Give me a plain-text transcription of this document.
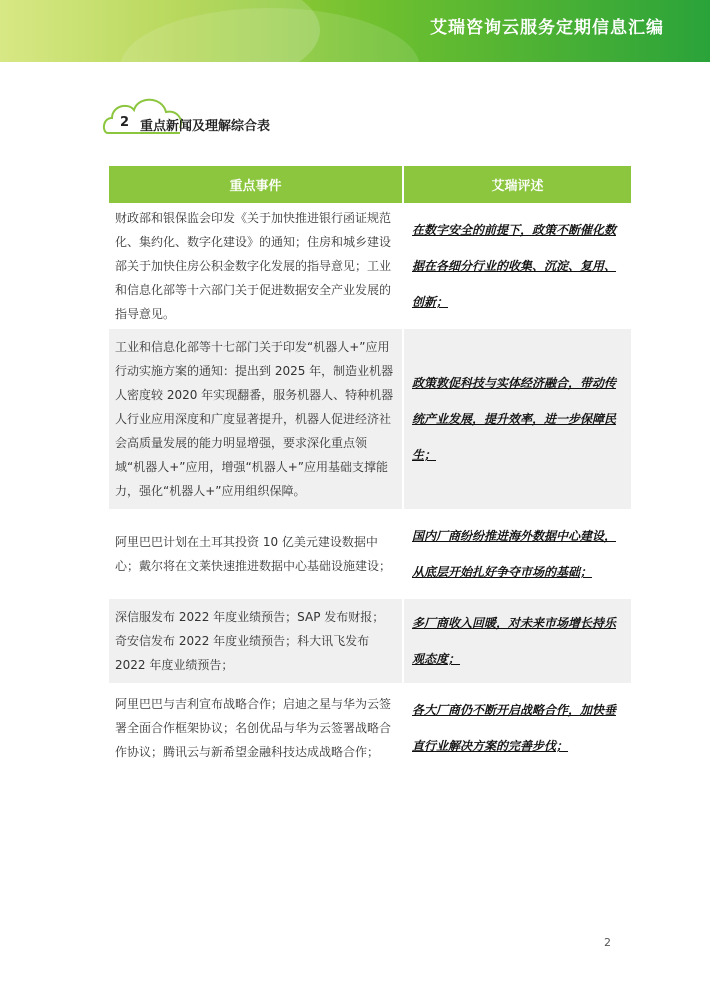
艾瑞咨询云服务定期信息汇编
2 重点新闻及理解综合表
重点事件	艾瑞评述
财政部和银保监会印发《关于加快推进银行函证规范化、集约化、数字化建设》的通知；住房和城乡建设部关于加快住房公积金数字化发展的指导意见；工业和信息化部等十六部门关于促进数据安全产业发展的指导意见。	在数字安全的前提下，政策不断催化数据在各细分行业的收集、沉淀、复用、创新；
工业和信息化部等十七部门关于印发“机器人+”应用行动实施方案的通知：提出到 2025 年，制造业机器人密度较 2020 年实现翻番，服务机器人、特种机器人行业应用深度和广度显著提升，机器人促进经济社会高质量发展的能力明显增强，要求深化重点领域“机器人+”应用，增强“机器人+”应用基础支撑能力，强化“机器人+”应用组织保障。	政策敦促科技与实体经济融合，带动传统产业发展，提升效率，进一步保障民生；
阿里巴巴计划在土耳其投资 10 亿美元建设数据中心；戴尔将在文莱快速推进数据中心基础设施建设；	国内厂商纷纷推进海外数据中心建设，从底层开始扎好争夺市场的基础；
深信服发布 2022 年度业绩预告；SAP 发布财报；奇安信发布 2022 年度业绩预告；科大讯飞发布 2022 年度业绩预告；	多厂商收入回暖，对未来市场增长持乐观态度；
阿里巴巴与吉利宣布战略合作；启迪之星与华为云签署全面合作框架协议；名创优品与华为云签署战略合作协议；腾讯云与新希望金融科技达成战略合作；	各大厂商仍不断开启战略合作，加快垂直行业解决方案的完善步伐；
2
